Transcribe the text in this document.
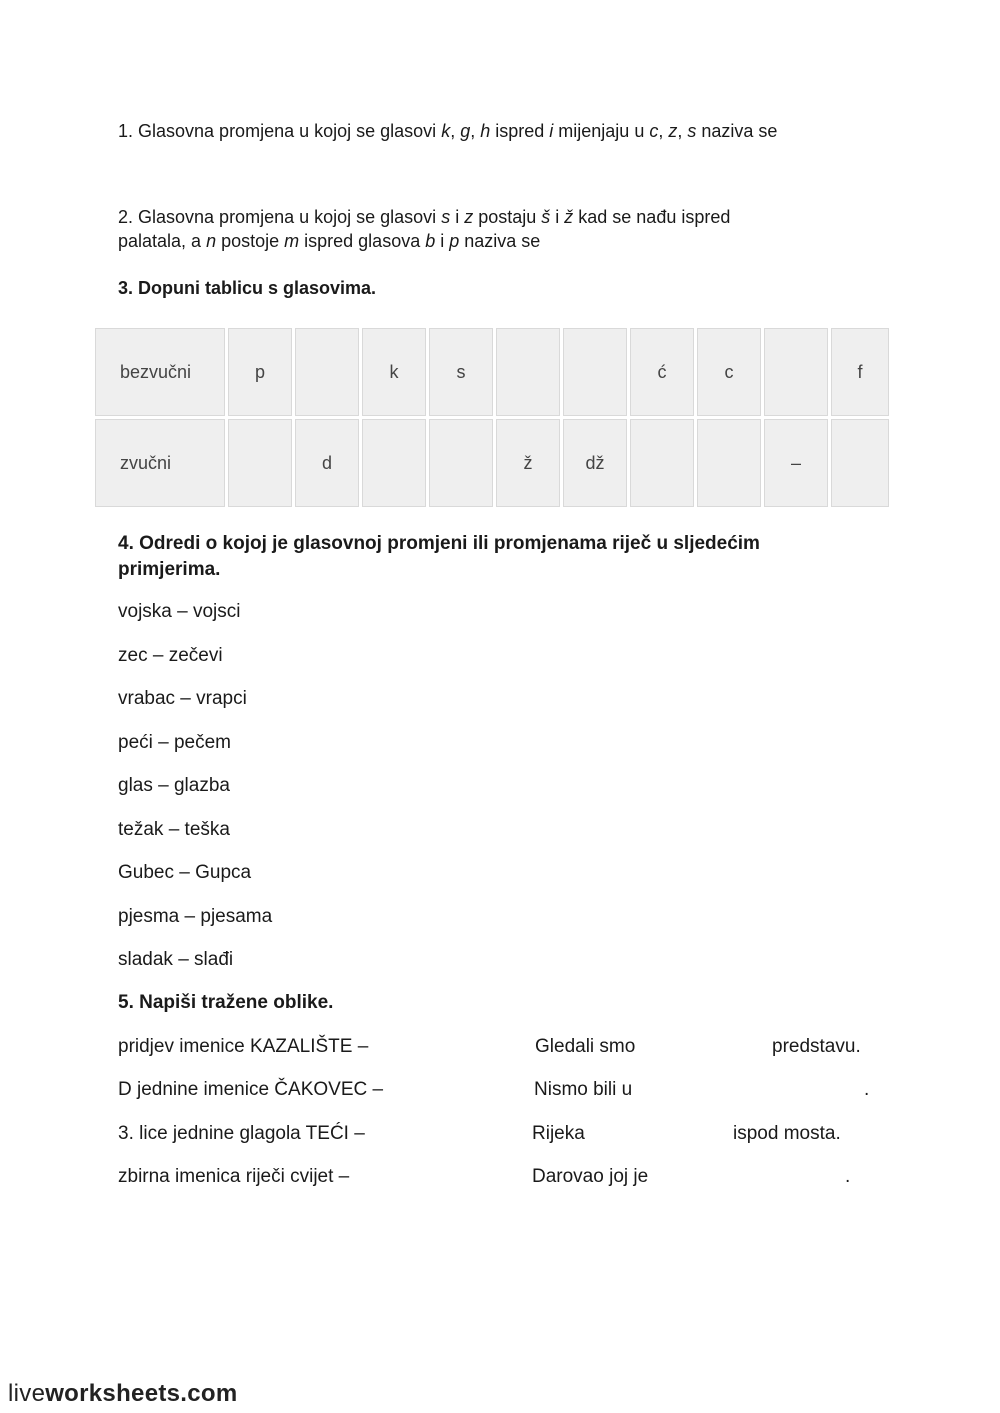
1. Glasovna promjena u kojoj se glasovi k, g, h ispred i mijenjaju u c, z, s naziva se
2. Glasovna promjena u kojoj se glasovi s i z postaju š i ž kad se nađu ispred
palatala, a n postoje m ispred glasova b i p naziva se
3. Dopuni tablicu s glasovima.
bezvučni	p		k	s			ć	c		f
zvučni		d			ž	dž			–	
4. Odredi o kojoj je glasovnoj promjeni ili promjenama riječ u sljedećim
primjerima.
vojska – vojsci
zec – zečevi
vrabac – vrapci
peći – pečem
glas – glazba
težak – teška
Gubec – Gupca
pjesma – pjesama
sladak – slađi
5. Napiši tražene oblike.
pridjev imenice KAZALIŠTE –	Gledali smo	predstavu.
D jednine imenice ČAKOVEC –	Nismo bili u	.
3. lice jednine glagola TEĆI –	Rijeka	ispod mosta.
zbirna imenica riječi cvijet –	Darovao joj je	.
liveworksheets.com
